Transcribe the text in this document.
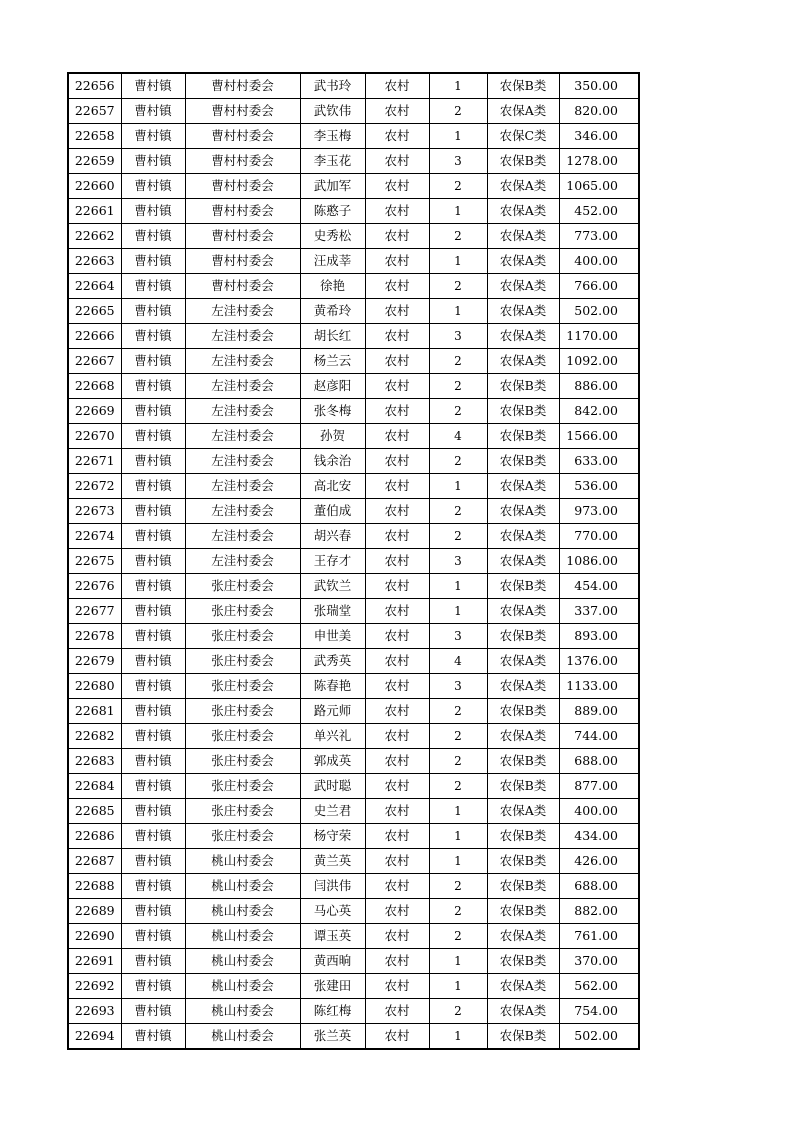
22656	曹村镇	曹村村委会	武书玲	农村	1	农保B类	350.00
22657	曹村镇	曹村村委会	武钦伟	农村	2	农保A类	820.00
22658	曹村镇	曹村村委会	李玉梅	农村	1	农保C类	346.00
22659	曹村镇	曹村村委会	李玉花	农村	3	农保B类	1278.00
22660	曹村镇	曹村村委会	武加军	农村	2	农保A类	1065.00
22661	曹村镇	曹村村委会	陈憨子	农村	1	农保A类	452.00
22662	曹村镇	曹村村委会	史秀松	农村	2	农保A类	773.00
22663	曹村镇	曹村村委会	汪成莘	农村	1	农保A类	400.00
22664	曹村镇	曹村村委会	徐艳	农村	2	农保A类	766.00
22665	曹村镇	左洼村委会	黄希玲	农村	1	农保A类	502.00
22666	曹村镇	左洼村委会	胡长红	农村	3	农保A类	1170.00
22667	曹村镇	左洼村委会	杨兰云	农村	2	农保A类	1092.00
22668	曹村镇	左洼村委会	赵彦阳	农村	2	农保B类	886.00
22669	曹村镇	左洼村委会	张冬梅	农村	2	农保B类	842.00
22670	曹村镇	左洼村委会	孙贺	农村	4	农保B类	1566.00
22671	曹村镇	左洼村委会	钱余治	农村	2	农保B类	633.00
22672	曹村镇	左洼村委会	高北安	农村	1	农保A类	536.00
22673	曹村镇	左洼村委会	董伯成	农村	2	农保A类	973.00
22674	曹村镇	左洼村委会	胡兴春	农村	2	农保A类	770.00
22675	曹村镇	左洼村委会	王存才	农村	3	农保A类	1086.00
22676	曹村镇	张庄村委会	武钦兰	农村	1	农保B类	454.00
22677	曹村镇	张庄村委会	张瑞堂	农村	1	农保A类	337.00
22678	曹村镇	张庄村委会	申世美	农村	3	农保B类	893.00
22679	曹村镇	张庄村委会	武秀英	农村	4	农保A类	1376.00
22680	曹村镇	张庄村委会	陈春艳	农村	3	农保A类	1133.00
22681	曹村镇	张庄村委会	路元师	农村	2	农保B类	889.00
22682	曹村镇	张庄村委会	单兴礼	农村	2	农保A类	744.00
22683	曹村镇	张庄村委会	郭成英	农村	2	农保B类	688.00
22684	曹村镇	张庄村委会	武时聪	农村	2	农保B类	877.00
22685	曹村镇	张庄村委会	史兰君	农村	1	农保A类	400.00
22686	曹村镇	张庄村委会	杨守荣	农村	1	农保B类	434.00
22687	曹村镇	桃山村委会	黄兰英	农村	1	农保B类	426.00
22688	曹村镇	桃山村委会	闫洪伟	农村	2	农保B类	688.00
22689	曹村镇	桃山村委会	马心英	农村	2	农保B类	882.00
22690	曹村镇	桃山村委会	谭玉英	农村	2	农保A类	761.00
22691	曹村镇	桃山村委会	黄西晌	农村	1	农保B类	370.00
22692	曹村镇	桃山村委会	张建田	农村	1	农保A类	562.00
22693	曹村镇	桃山村委会	陈红梅	农村	2	农保A类	754.00
22694	曹村镇	桃山村委会	张兰英	农村	1	农保B类	502.00
